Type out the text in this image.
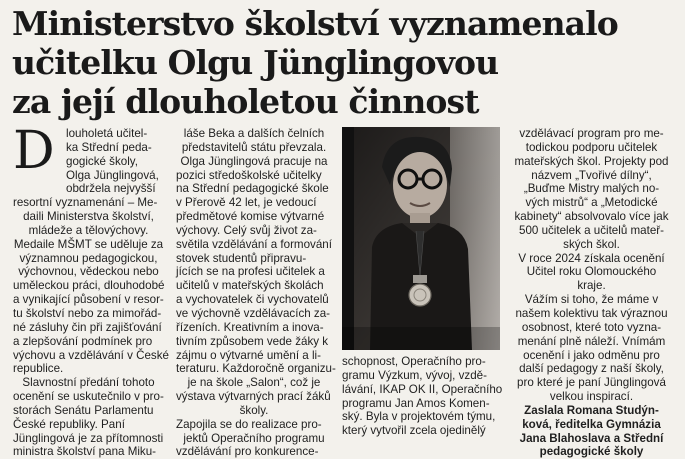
Ministerstvo školství vyznamenalo
učitelku Olgu Jünglingovou
za její dlouholetou činnost
D louholetá učitel-
ka Střední peda-
gogické školy,
Olga Jünglingová,
obdržela nejvyšší
resortní vyznamenání – Me-
daili Ministerstva školství,
mládeže a tělovýchovy.
Medaile MŠMT se uděluje za
významnou pedagogickou,
výchovnou, vědeckou nebo
uměleckou práci, dlouhodobé
a vynikající působení v resor-
tu školství nebo za mimořád-
né zásluhy čin při zajišťování
a zlepšování podmínek pro
výchovu a vzdělávání v České
republice.
Slavnostní předání tohoto
ocenění se uskutečnilo v pro-
storách Senátu Parlamentu
České republiky. Paní
Jünglingová je za přítomnosti
ministra školství pana Miku-
láše Beka a dalších čelních
představitelů státu převzala.
Olga Jünglingová pracuje na
pozici středoškolské učitelky
na Střední pedagogické škole
v Přerově 42 let, je vedoucí
předmětové komise výtvarné
výchovy. Celý svůj život za-
světila vzdělávání a formování
stovek studentů připravu-
jících se na profesi učitelek a
učitelů v mateřských školách
a vychovatelek či vychovatelů
ve výchovně vzdělávacích za-
řízeních. Kreativním a inova-
tivním způsobem vede žáky k
zájmu o výtvarné umění a li-
teraturu. Každoročně organizu-
je na škole „Salon“, což je
výstava výtvarných prací žáků
školy.
Zapojila se do realizace pro-
jektů Operačního programu
vzdělávání pro konkurence-
schopnost, Operačního pro-
gramu Výzkum, vývoj, vzdě-
lávání, IKAP OK II, Operačního
programu Jan Amos Komen-
ský. Byla v projektovém týmu,
který vytvořil zcela ojedinělý
vzdělávací program pro me-
todickou podporu učitelek
mateřských škol. Projekty pod
názvem „Tvořivé dílny“,
„Buďme Mistry malých no-
vých mistrů“ a „Metodické
kabinety“ absolvovalo více jak
500 učitelek a učitelů mateř-
ských škol.
V roce 2024 získala ocenění
Učitel roku Olomouckého
kraje.
Vážím si toho, že máme v
našem kolektivu tak výraznou
osobnost, které toto vyzna-
menání plně náleží. Vnímám
ocenění i jako odměnu pro
další pedagogy z naší školy,
pro které je paní Jünglingová
velkou inspirací.
Zaslala Romana Studýn-
ková, ředitelka Gymnázia
Jana Blahoslava a Střední
pedagogické školy
